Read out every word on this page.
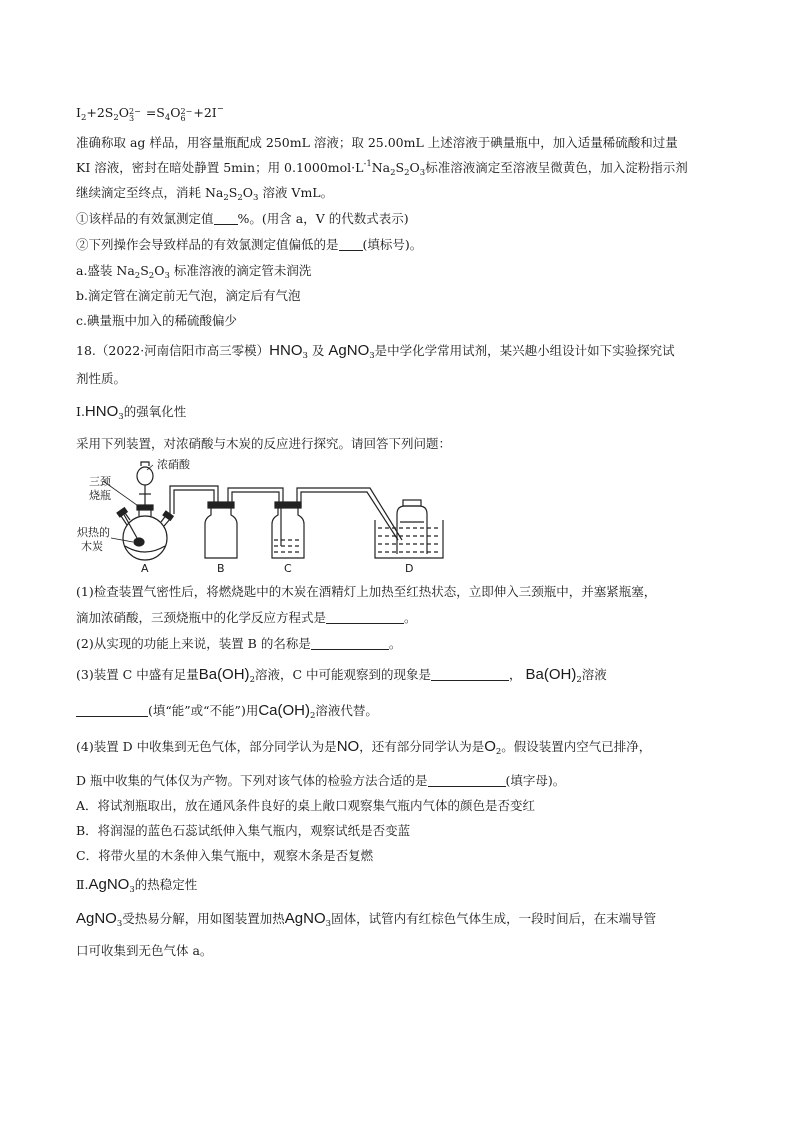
$I_2+2S_2O$ 2−
$3 =S_4O$ 2−
6 +2I−
准确称取 ag 样品，用容量瓶配成 250mL 溶液；取 25.00mL 上述溶液于碘量瓶中，加入适量稀硫酸和过量
KI 溶液，密封在暗处静置 5min；用 $0.1000mol\cdot L^{-1}Na_2S_2O_3$标准溶液滴定至溶液呈微黄色，加入淀粉指示剂
继续滴定至终点，消耗 $Na_2S_2O_3$ 溶液 VmL。
①该样品的有效氯测定值 %。(用含 a，V 的代数式表示)
②下列操作会导致样品的有效氯测定值偏低的是 (填标号)。
a.盛装 $Na_2S_2O_3$ 标准溶液的滴定管未润洗
b.滴定管在滴定前无气泡，滴定后有气泡
c.碘量瓶中加入的稀硫酸偏少
18.（2022·河南信阳市高三零模）$HNO_3$ 及 AgNO$_3$是中学化学常用试剂，某兴趣小组设计如下实验探究试
剂性质。
$Ⅰ.HNO_3$的强氧化性
采用下列装置，对浓硝酸与木炭的反应进行探究。请回答下列问题：
浓硝酸
三颈
烧瓶
炽热的
木炭
A	B	C	D
(1)检查装置气密性后，将燃烧匙中的木炭在酒精灯上加热至红热状态，立即伸入三颈瓶中，并塞紧瓶塞，
滴加浓硝酸，三颈烧瓶中的化学反应方程式是	。
(2)从实现的功能上来说，装置 B 的名称是	。
(3)装置 C 中盛有足量$Ba(OH)_2$溶液，C 中可能观察到的现象是	， $Ba(OH)_2$溶液
(填“能”或“不能”)用$Ca(OH)_2$溶液代替。
(4)装置 D 中收集到无色气体，部分同学认为是NO，还有部分同学认为是$O_2$。假设装置内空气已排净，
D 瓶中收集的气体仅为产物。下列对该气体的检验方法合适的是	(填字母)。
A．将试剂瓶取出，放在通风条件良好的桌上敞口观察集气瓶内气体的颜色是否变红
B．将润湿的蓝色石蕊试纸伸入集气瓶内，观察试纸是否变蓝
C．将带火星的木条伸入集气瓶中，观察木条是否复燃
Ⅱ.AgNO$_3$的热稳定性
AgNO$_3$受热易分解，用如图装置加热AgNO$_3$固体，试管内有红棕色气体生成，一段时间后，在末端导管
口可收集到无色气体 a。
